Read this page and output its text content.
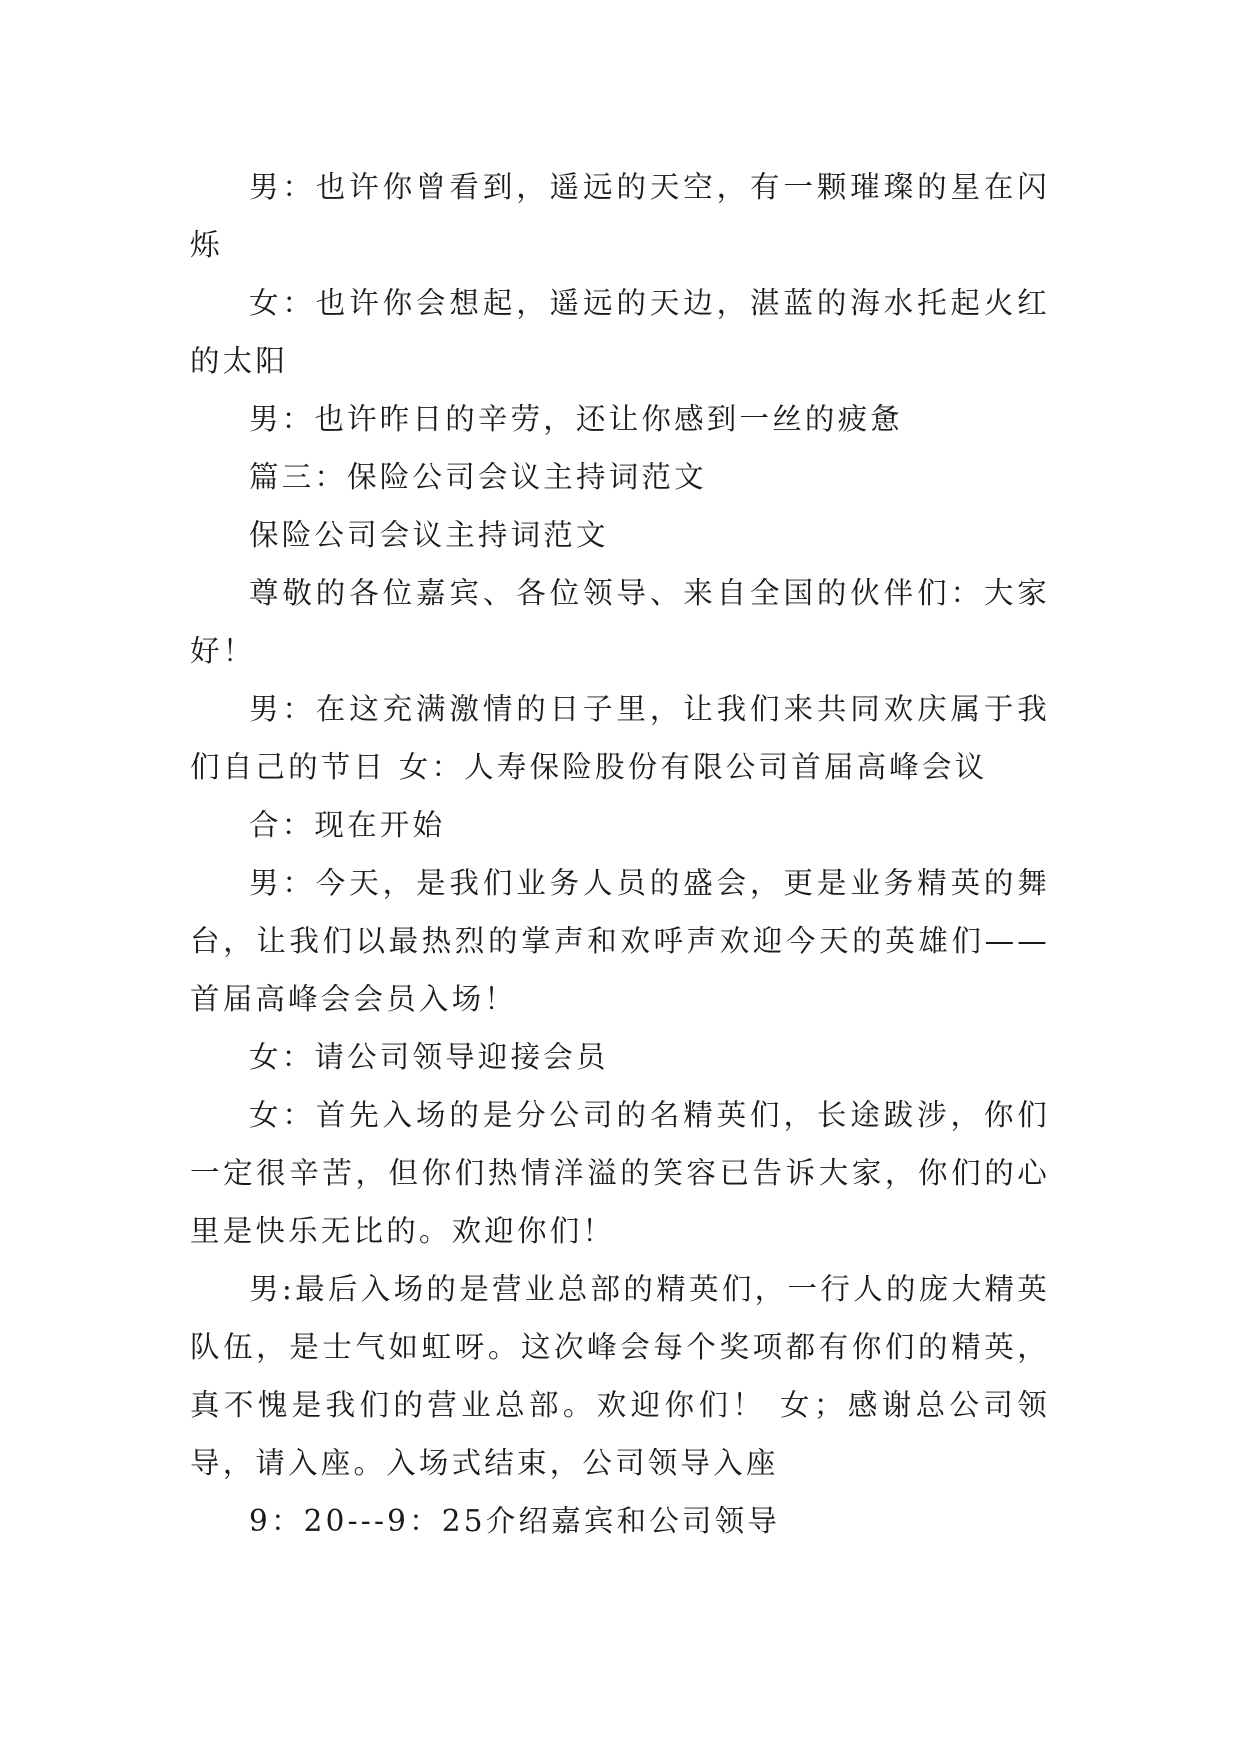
男：也许你曾看到，遥远的天空，有一颗璀璨的星在闪烁

女：也许你会想起，遥远的天边，湛蓝的海水托起火红的太阳

男：也许昨日的辛劳，还让你感到一丝的疲惫

篇三：保险公司会议主持词范文

保险公司会议主持词范文

尊敬的各位嘉宾、各位领导、来自全国的伙伴们：大家好！

男：在这充满激情的日子里，让我们来共同欢庆属于我们自己的节日 女：人寿保险股份有限公司首届高峰会议

合：现在开始

男：今天，是我们业务人员的盛会，更是业务精英的舞台，让我们以最热烈的掌声和欢呼声欢迎今天的英雄们——首届高峰会会员入场！

女：请公司领导迎接会员

女：首先入场的是分公司的名精英们，长途跋涉，你们一定很辛苦，但你们热情洋溢的笑容已告诉大家，你们的心里是快乐无比的。欢迎你们！

男:最后入场的是营业总部的精英们，一行人的庞大精英队伍，是士气如虹呀。这次峰会每个奖项都有你们的精英，真不愧是我们的营业总部。欢迎你们！ 女；感谢总公司领导，请入座。入场式结束，公司领导入座

9：20---9：25介绍嘉宾和公司领导
